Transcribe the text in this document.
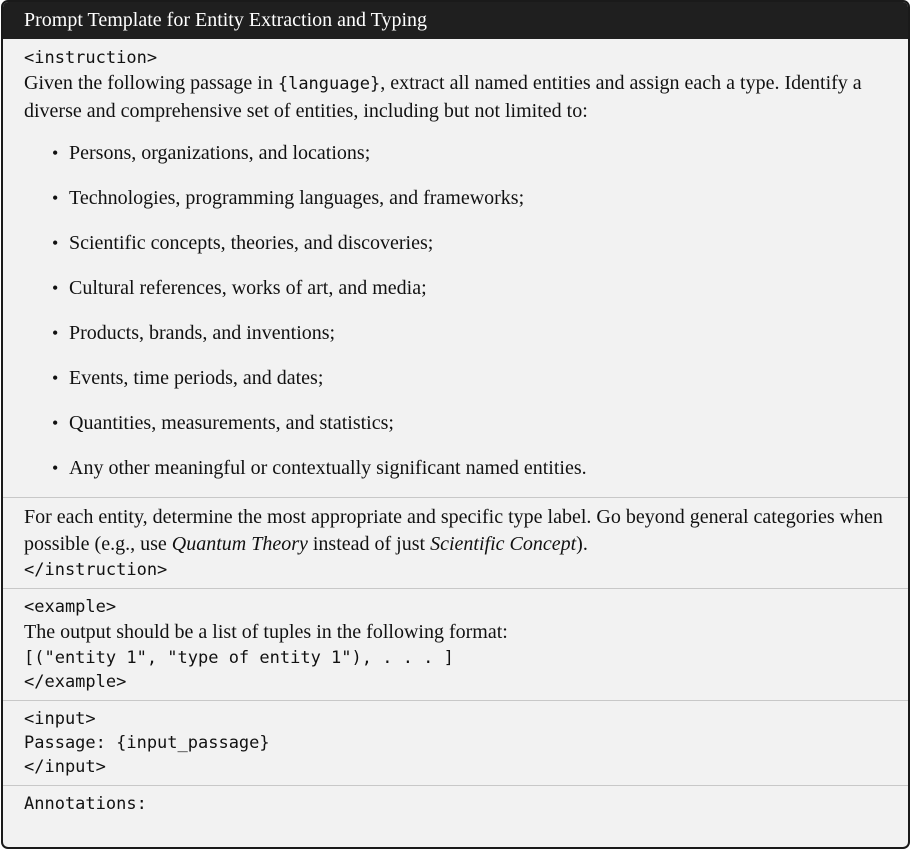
Prompt Template for Entity Extraction and Typing
<instruction>
Given the following passage in {language}, extract all named entities and assign each a type. Identify a diverse and comprehensive set of entities, including but not limited to:
• Persons, organizations, and locations;
• Technologies, programming languages, and frameworks;
• Scientific concepts, theories, and discoveries;
• Cultural references, works of art, and media;
• Products, brands, and inventions;
• Events, time periods, and dates;
• Quantities, measurements, and statistics;
• Any other meaningful or contextually significant named entities.
For each entity, determine the most appropriate and specific type label. Go beyond general categories when possible (e.g., use Quantum Theory instead of just Scientific Concept).
</instruction>
<example>
The output should be a list of tuples in the following format:
[("entity 1", "type of entity 1"), . . . ]
</example>
<input>
Passage: {input_passage}
</input>
Annotations:
